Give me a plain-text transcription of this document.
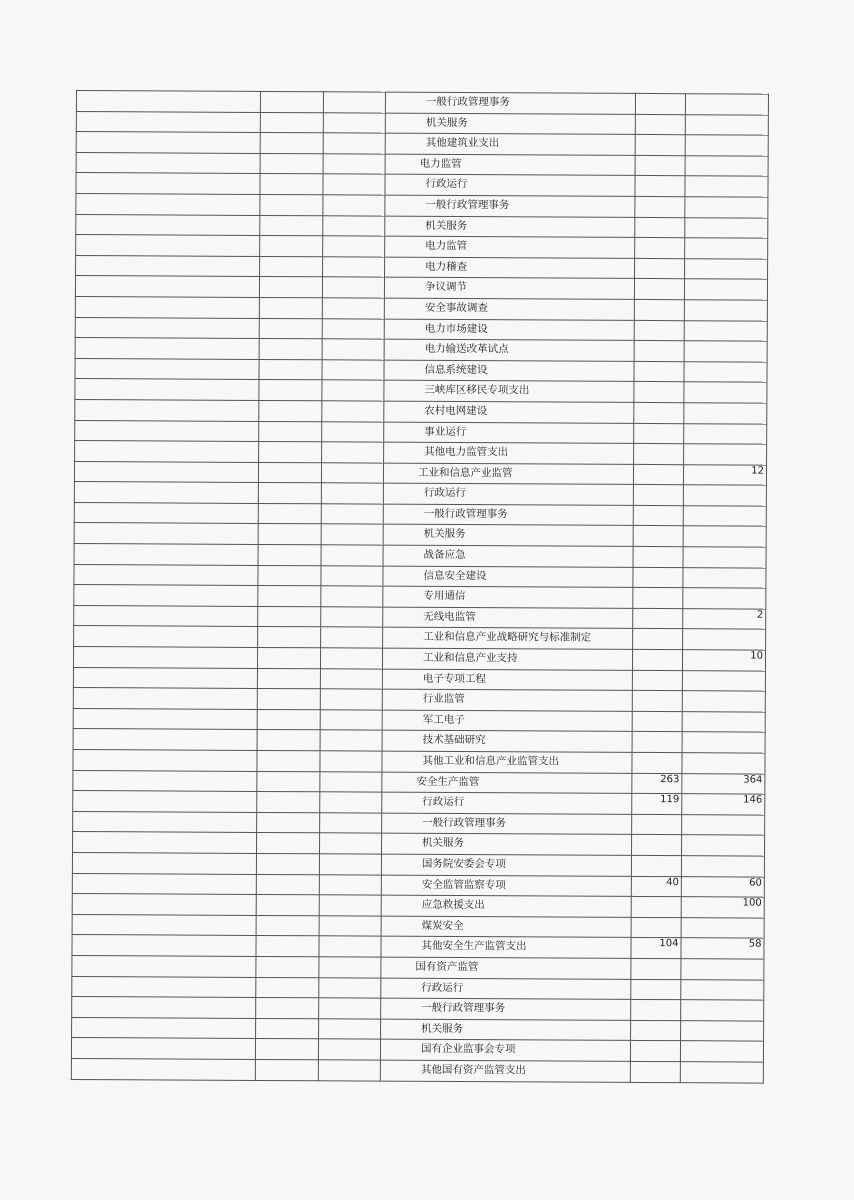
			一般行政管理事务		
			机关服务		
			其他建筑业支出		
			电力监管		
			行政运行		
			一般行政管理事务		
			机关服务		
			电力监管		
			电力稽查		
			争议调节		
			安全事故调查		
			电力市场建设		
			电力输送改革试点		
			信息系统建设		
			三峡库区移民专项支出		
			农村电网建设		
			事业运行		
			其他电力监管支出		
			工业和信息产业监管		12
			行政运行		
			一般行政管理事务		
			机关服务		
			战备应急		
			信息安全建设		
			专用通信		
			无线电监管		2
			工业和信息产业战略研究与标准制定		
			工业和信息产业支持		10
			电子专项工程		
			行业监管		
			军工电子		
			技术基础研究		
			其他工业和信息产业监管支出		
			安全生产监管	263	364
			行政运行	119	146
			一般行政管理事务		
			机关服务		
			国务院安委会专项		
			安全监管监察专项	40	60
			应急救援支出		100
			煤炭安全		
			其他安全生产监管支出	104	58
			国有资产监管		
			行政运行		
			一般行政管理事务		
			机关服务		
			国有企业监事会专项		
			其他国有资产监管支出		
